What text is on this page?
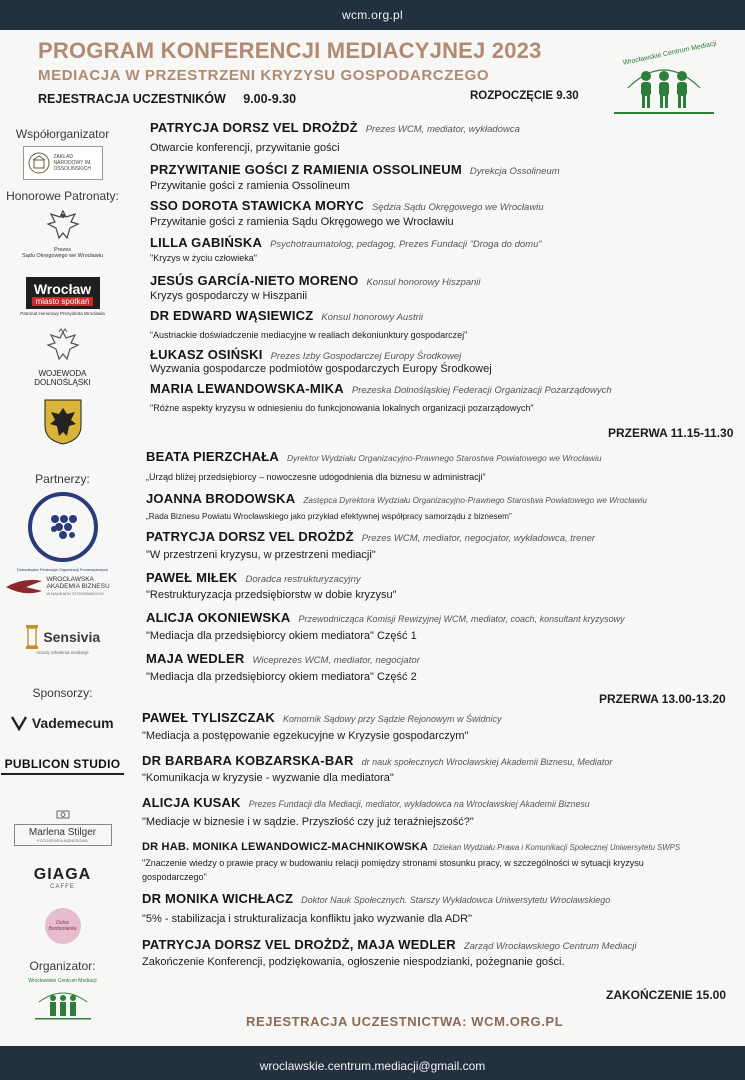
wcm.org.pl
PROGRAM KONFERENCJI MEDIACYJNEJ 2023
MEDIACJA W PRZESTRZENI KRYZYSU GOSPODARCZEGO
REJESTRACJA UCZESTNIKÓW 9.00-9.30	ROZPOCZĘCIE 9.30
Wrocławskie Centrum Mediacji
Współorganizator
ZAKŁAD NARODOWY IM. OSSOLIŃSKICH
Honorowe Patronaty:
Prezes
Sądu Okręgowego we Wrocławiu
Wrocław
miasto spotkań
Patronat Honorowy Prezydenta Wrocławia
WOJEWODA
DOLNOŚLĄSKI
Partnerzy:
Dolnośląska Federacja Organizacji Pozarządowych

WROCŁAWSKA
AKADEMIA BIZNESU
W NAUKACH STOSOWANYCH
Sensivia
rozwój szkolenia mediacje
Sponsorzy:
Vademecum
PUBLICON STUDIO
Marlena Stilger
FOTOGRAFIA BIZNESOWA
GIAGA
CAFFE
Dolce Bonbonierka
Organizator:
Wrocławskie Centrum Mediacji
PATRYCJA DORSZ VEL DROŻDŻ Prezes WCM, mediator, wykładowca
Otwarcie konferencji, przywitanie gości
PRZYWITANIE GOŚCI Z RAMIENIA OSSOLINEUM Dyrekcja Ossolineum
Przywitanie gości z ramienia Ossolineum
SSO DOROTA STAWICKA MORYC Sędzia Sądu Okręgowego we Wrocławiu
Przywitanie gości z ramienia Sądu Okręgowego we Wrocławiu
LILLA GABIŃSKA Psychotraumatolog, pedagog, Prezes Fundacji “Droga do domu”
"Kryzys w życiu człowieka"
JESÚS GARCÍA-NIETO MORENO Konsul honorowy Hiszpanii
Kryzys gospodarczy w Hiszpanii
DR EDWARD WĄSIEWICZ Konsul honorowy Austrii
“Austriackie doświadczenie mediacyjne w realiach dekoniunktury gospodarczej”
ŁUKASZ OSIŃSKI Prezes Izby Gospodarczej Europy Środkowej
Wyzwania gospodarcze podmiotów gospodarczych Europy Środkowej
MARIA LEWANDOWSKA-MIKA Prezeska Dolnośląskiej Federacji Organizacji Pozarządowych
"Różne aspekty kryzysu w odniesieniu do funkcjonowania lokalnych organizacji pozarządowych"
PRZERWA 11.15-11.30
BEATA PIERZCHAŁA Dyrektor Wydziału Organizacyjno-Prawnego Starostwa Powiatowego we Wrocławiu
„Urząd bliżej przedsiębiorcy – nowoczesne udogodnienia dla biznesu w administracji”
JOANNA BRODOWSKA Zastępca Dyrektora Wydziału Organizacyjno-Prawnego Starostwa Powiatowego we Wrocławiu
„Rada Biznesu Powiatu Wrocławskiego jako przykład efektywnej współpracy samorządu z biznesem”
PATRYCJA DORSZ VEL DROŻDŻ Prezes WCM, mediator, negocjator, wykładowca, trener
"W przestrzeni kryzysu, w przestrzeni mediacji"
PAWEŁ MIŁEK Doradca restrukturyzacyjny
"Restrukturyzacja przedsiębiorstw w dobie kryzysu"
ALICJA OKONIEWSKA Przewodnicząca Komisji Rewizyjnej WCM, mediator, coach, konsultant kryzysowy
"Mediacja dla przedsiębiorcy okiem mediatora" Część 1
MAJA WEDLER Wiceprezes WCM, mediator, negocjator
"Mediacja dla przedsiębiorcy okiem mediatora" Część 2
PRZERWA 13.00-13.20
PAWEŁ TYLISZCZAK Komornik Sądowy przy Sądzie Rejonowym w Świdnicy
"Mediacja a postępowanie egzekucyjne w Kryzysie gospodarczym"
DR BARBARA KOBZARSKA-BAR dr nauk społecznych Wrocławskiej Akademii Biznesu, Mediator
"Komunikacja w kryzysie - wyzwanie dla mediatora"
ALICJA KUSAK Prezes Fundacji dla Mediacji, mediator, wykładowca na Wrocławskiej Akademii Biznesu
"Mediacje w biznesie i w sądzie. Przyszłość czy już teraźniejszość?"
DR HAB. MONIKA LEWANDOWICZ-MACHNIKOWSKA Dziekan Wydziału Prawa i Komunikacji Społecznej Uniwersytetu SWPS
"Znaczenie wiedzy o prawie pracy w budowaniu relacji pomiędzy stronami stosunku pracy, w szczególności w sytuacji kryzysu
gospodarczego"
DR MONIKA WICHŁACZ Doktor Nauk Społecznych. Starszy Wykładowca Uniwersytetu Wrocławskiego
"5% - stabilizacja i strukturalizacja konfliktu jako wyzwanie dla ADR"
PATRYCJA DORSZ VEL DROŻDŻ, MAJA WEDLER Zarząd Wrocławskiego Centrum Mediacji
Zakończenie Konferencji, podziękowania, ogłoszenie niespodzianki, pożegnanie gości.
ZAKOŃCZENIE 15.00
REJESTRACJA UCZESTNICTWA: WCM.ORG.PL
wroclawskie.centrum.mediacji@gmail.com
